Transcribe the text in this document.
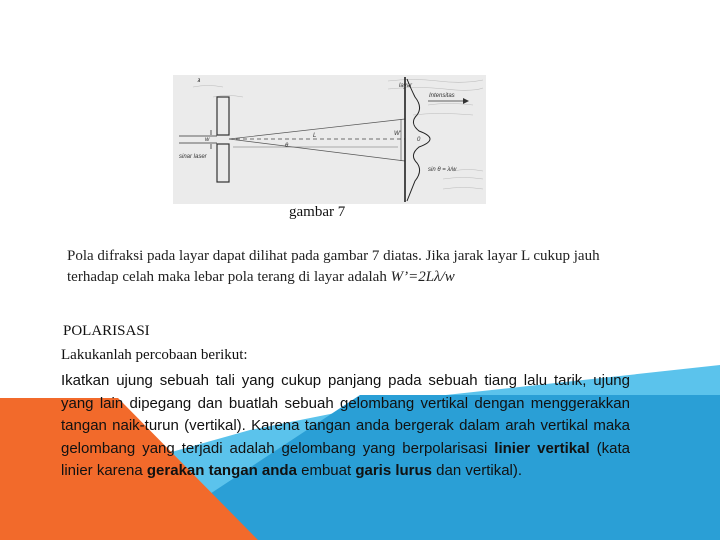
λ
layar
Intensitas
sinar laser
W'
w
L
θ
0
sin θ = λ/w
gambar 7
Pola difraksi pada layar dapat dilihat pada gambar 7 diatas. Jika jarak layar L cukup jauh terhadap celah maka lebar pola terang di layar adalah W’=2Lλ/w
POLARISASI
Lakukanlah percobaan berikut:
Ikatkan ujung sebuah tali yang cukup panjang pada sebuah tiang lalu tarik, ujung yang lain dipegang dan buatlah sebuah gelombang vertikal dengan menggerakkan tangan naik-turun (vertikal). Karena tangan anda bergerak dalam arah vertikal maka gelombang yang terjadi adalah gelombang yang berpolarisasi linier vertikal (kata linier karena gerakan tangan anda embuat garis lurus dan vertikal).
